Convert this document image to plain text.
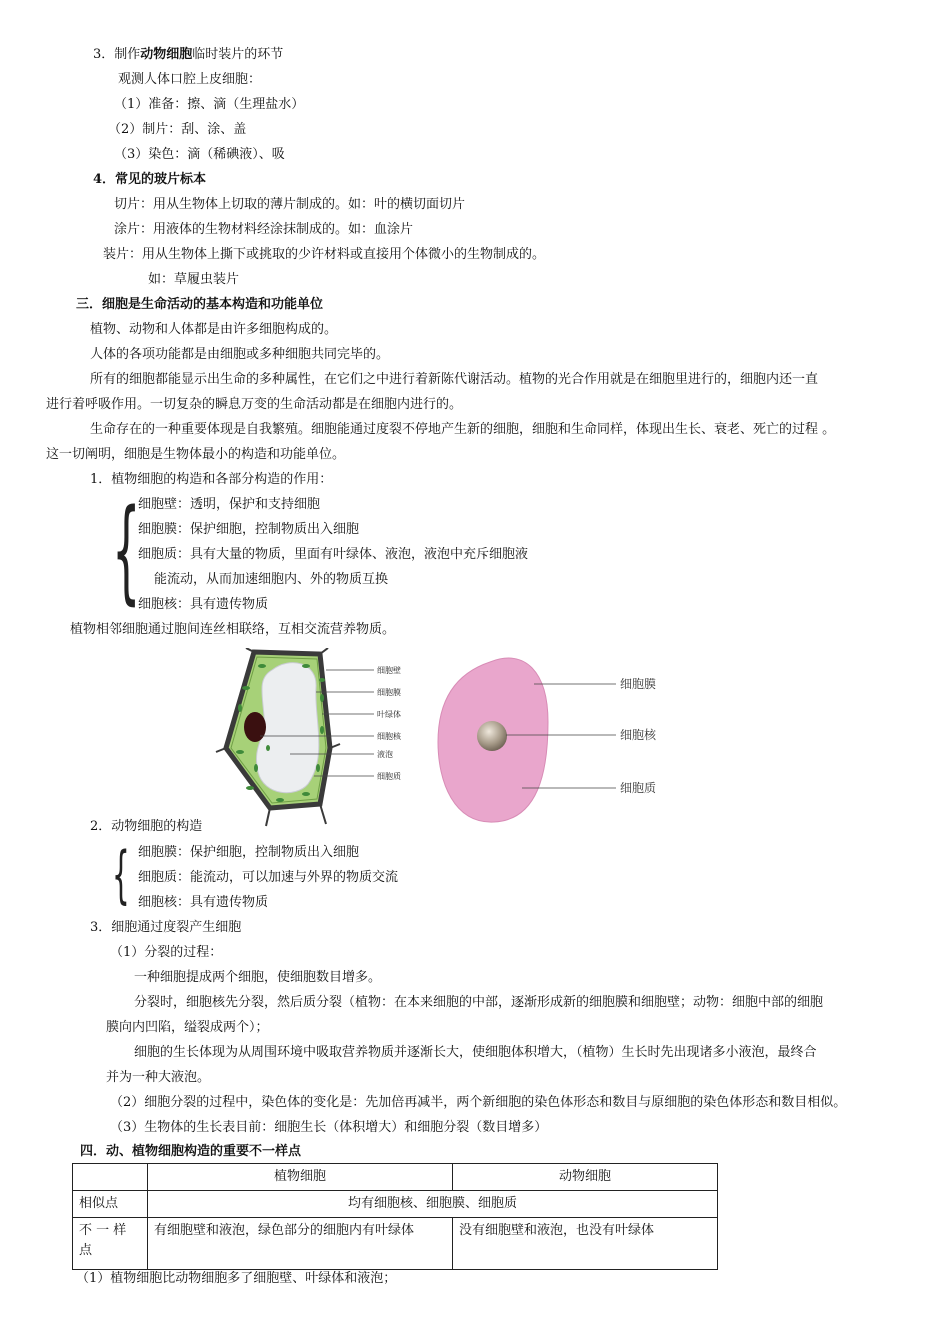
3．制作动物细胞临时装片的环节
观测人体口腔上皮细胞：
（1）准备：擦、滴（生理盐水）
（2）制片：刮、涂、盖
（3）染色：滴（稀碘液）、吸
4．常见的玻片标本
切片：用从生物体上切取的薄片制成的。如：叶的横切面切片
涂片：用液体的生物材料经涂抹制成的。如：血涂片
装片：用从生物体上撕下或挑取的少许材料或直接用个体微小的生物制成的。
如：草履虫装片
三．细胞是生命活动的基本构造和功能单位
植物、动物和人体都是由许多细胞构成的。
人体的各项功能都是由细胞或多种细胞共同完毕的。
所有的细胞都能显示出生命的多种属性，在它们之中进行着新陈代谢活动。植物的光合作用就是在细胞里进行的，细胞内还一直
进行着呼吸作用。一切复杂的瞬息万变的生命活动都是在细胞内进行的。
生命存在的一种重要体现是自我繁殖。细胞能通过度裂不停地产生新的细胞，细胞和生命同样，体现出生长、衰老、死亡的过程 。
这一切阐明，细胞是生物体最小的构造和功能单位。
1．植物细胞的构造和各部分构造的作用：
{
细胞壁：透明，保护和支持细胞
细胞膜：保护细胞，控制物质出入细胞
细胞质：具有大量的物质，里面有叶绿体、液泡，液泡中充斥细胞液
能流动，从而加速细胞内、外的物质互换
细胞核：具有遗传物质
植物相邻细胞通过胞间连丝相联络，互相交流营养物质。
细胞壁
细胞膜
叶绿体
细胞核
液泡
细胞质
细胞膜
细胞核
细胞质
2．动物细胞的构造
{ 细胞膜：保护细胞，控制物质出入细胞
细胞质：能流动，可以加速与外界的物质交流
细胞核：具有遗传物质
3．细胞通过度裂产生细胞
（1）分裂的过程：
一种细胞提成两个细胞，使细胞数目增多。
分裂时，细胞核先分裂，然后质分裂（植物：在本来细胞的中部，逐渐形成新的细胞膜和细胞壁；动物：细胞中部的细胞
膜向内凹陷，缢裂成两个）；
细胞的生长体现为从周围环境中吸取营养物质并逐渐长大，使细胞体积增大，（植物）生长时先出现诸多小液泡，最终合
并为一种大液泡。
（2）细胞分裂的过程中，染色体的变化是：先加倍再减半，两个新细胞的染色体形态和数目与原细胞的染色体形态和数目相似。
（3）生物体的生长表目前：细胞生长（体积增大）和细胞分裂（数目增多）
四．动、植物细胞构造的重要不一样点
	植物细胞	动物细胞
相似点	均有细胞核、细胞膜、细胞质	
不 一 样 点	有细胞壁和液泡，绿色部分的细胞内有叶绿体	没有细胞壁和液泡，也没有叶绿体
（1）植物细胞比动物细胞多了细胞壁、叶绿体和液泡；
